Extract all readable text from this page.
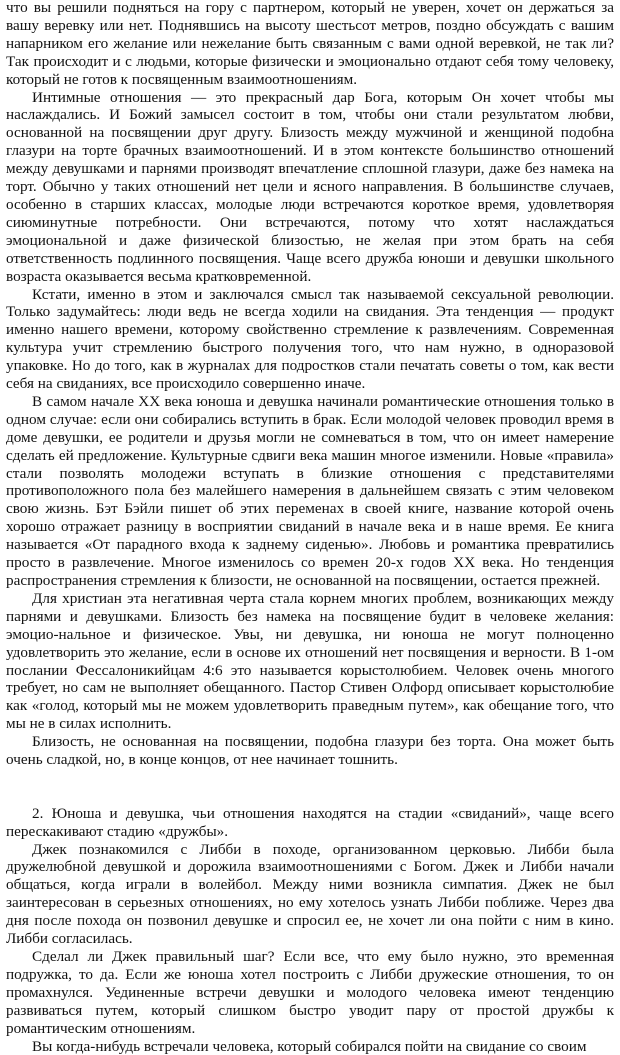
что вы решили подняться на гору с партнером, который не уверен, хочет он держаться за вашу веревку или нет. Поднявшись на высоту шестьсот метров, поздно обсуждать с вашим напарником его желание или нежелание быть связанным с вами одной веревкой, не так ли? Так происходит и с людьми, которые физически и эмоционально отдают себя тому человеку, который не готов к посвященным взаимоотношениям.

Интимные отношения — это прекрасный дар Бога, которым Он хочет чтобы мы наслаждались. И Божий замысел состоит в том, чтобы они стали результатом любви, основанной на посвящении друг другу. Близость между мужчиной и женщиной подобна глазури на торте брачных взаимоотношений. И в этом контексте большинство отношений между девушками и парнями производят впечатление сплошной глазури, даже без намека на торт. Обычно у таких отношений нет цели и ясного направления. В большинстве случаев, особенно в старших классах, молодые люди встречаются короткое время, удовлетворяя сиюминутные потребности. Они встречаются, потому что хотят наслаждаться эмоциональной и даже физической близостью, не желая при этом брать на себя ответственность подлинного посвящения. Чаще всего дружба юноши и девушки школьного возраста оказывается весьма кратковременной.

Кстати, именно в этом и заключался смысл так называемой сексуальной революции. Только задумайтесь: люди ведь не всегда ходили на свидания. Эта тенденция — продукт именно нашего времени, которому свойственно стремление к развлечениям. Современная культура учит стремлению быстрого получения того, что нам нужно, в одноразовой упаковке. Но до того, как в журналах для подростков стали печатать советы о том, как вести себя на свиданиях, все происходило совершенно иначе.

В самом начале XX века юноша и девушка начинали романтические отношения только в одном случае: если они собирались вступить в брак. Если молодой человек проводил время в доме девушки, ее родители и друзья могли не сомневаться в том, что он имеет намерение сделать ей предложение. Культурные сдвиги века машин многое изменили. Новые «правила» стали позволять молодежи вступать в близкие отношения с представителями противоположного пола без малейшего намерения в дальнейшем связать с этим человеком свою жизнь. Бэт Бэйли пишет об этих переменах в своей книге, название которой очень хорошо отражает разницу в восприятии свиданий в начале века и в наше время. Ее книга называется «От парадного входа к заднему сиденью». Любовь и романтика превратились просто в развлечение. Многое изменилось со времен 20-х годов XX века. Но тенденция распространения стремления к близости, не основанной на посвящении, остается прежней.

Для христиан эта негативная черта стала корнем многих проблем, возникающих между парнями и девушками. Близость без намека на посвящение будит в человеке желания: эмоцио-нальное и физическое. Увы, ни девушка, ни юноша не могут полноценно удовлетворить это желание, если в основе их отношений нет посвящения и верности. В 1-ом послании Фессалоникийцам 4:6 это называется корыстолюбием. Человек очень многого требует, но сам не выполняет обещанного. Пастор Стивен Олфорд описывает корыстолюбие как «голод, который мы не можем удовлетворить праведным путем», как обещание того, что мы не в силах исполнить.

Близость, не основанная на посвящении, подобна глазури без торта. Она может быть очень сладкой, но, в конце концов, от нее начинает тошнить.

2. Юноша и девушка, чьи отношения находятся на стадии «свиданий», чаще всего перескакивают стадию «дружбы».

Джек познакомился с Либби в походе, организованном церковью. Либби была дружелюбной девушкой и дорожила взаимоотношениями с Богом. Джек и Либби начали общаться, когда играли в волейбол. Между ними возникла симпатия. Джек не был заинтересован в серьезных отношениях, но ему хотелось узнать Либби поближе. Через два дня после похода он позвонил девушке и спросил ее, не хочет ли она пойти с ним в кино. Либби согласилась.

Сделал ли Джек правильный шаг? Если все, что ему было нужно, это временная подружка, то да. Если же юноша хотел построить с Либби дружеские отношения, то он промахнулся. Уединенные встречи девушки и молодого человека имеют тенденцию развиваться путем, который слишком быстро уводит пару от простой дружбы к романтическим отношениям.

Вы когда-нибудь встречали человека, который собирался пойти на свидание со своим
